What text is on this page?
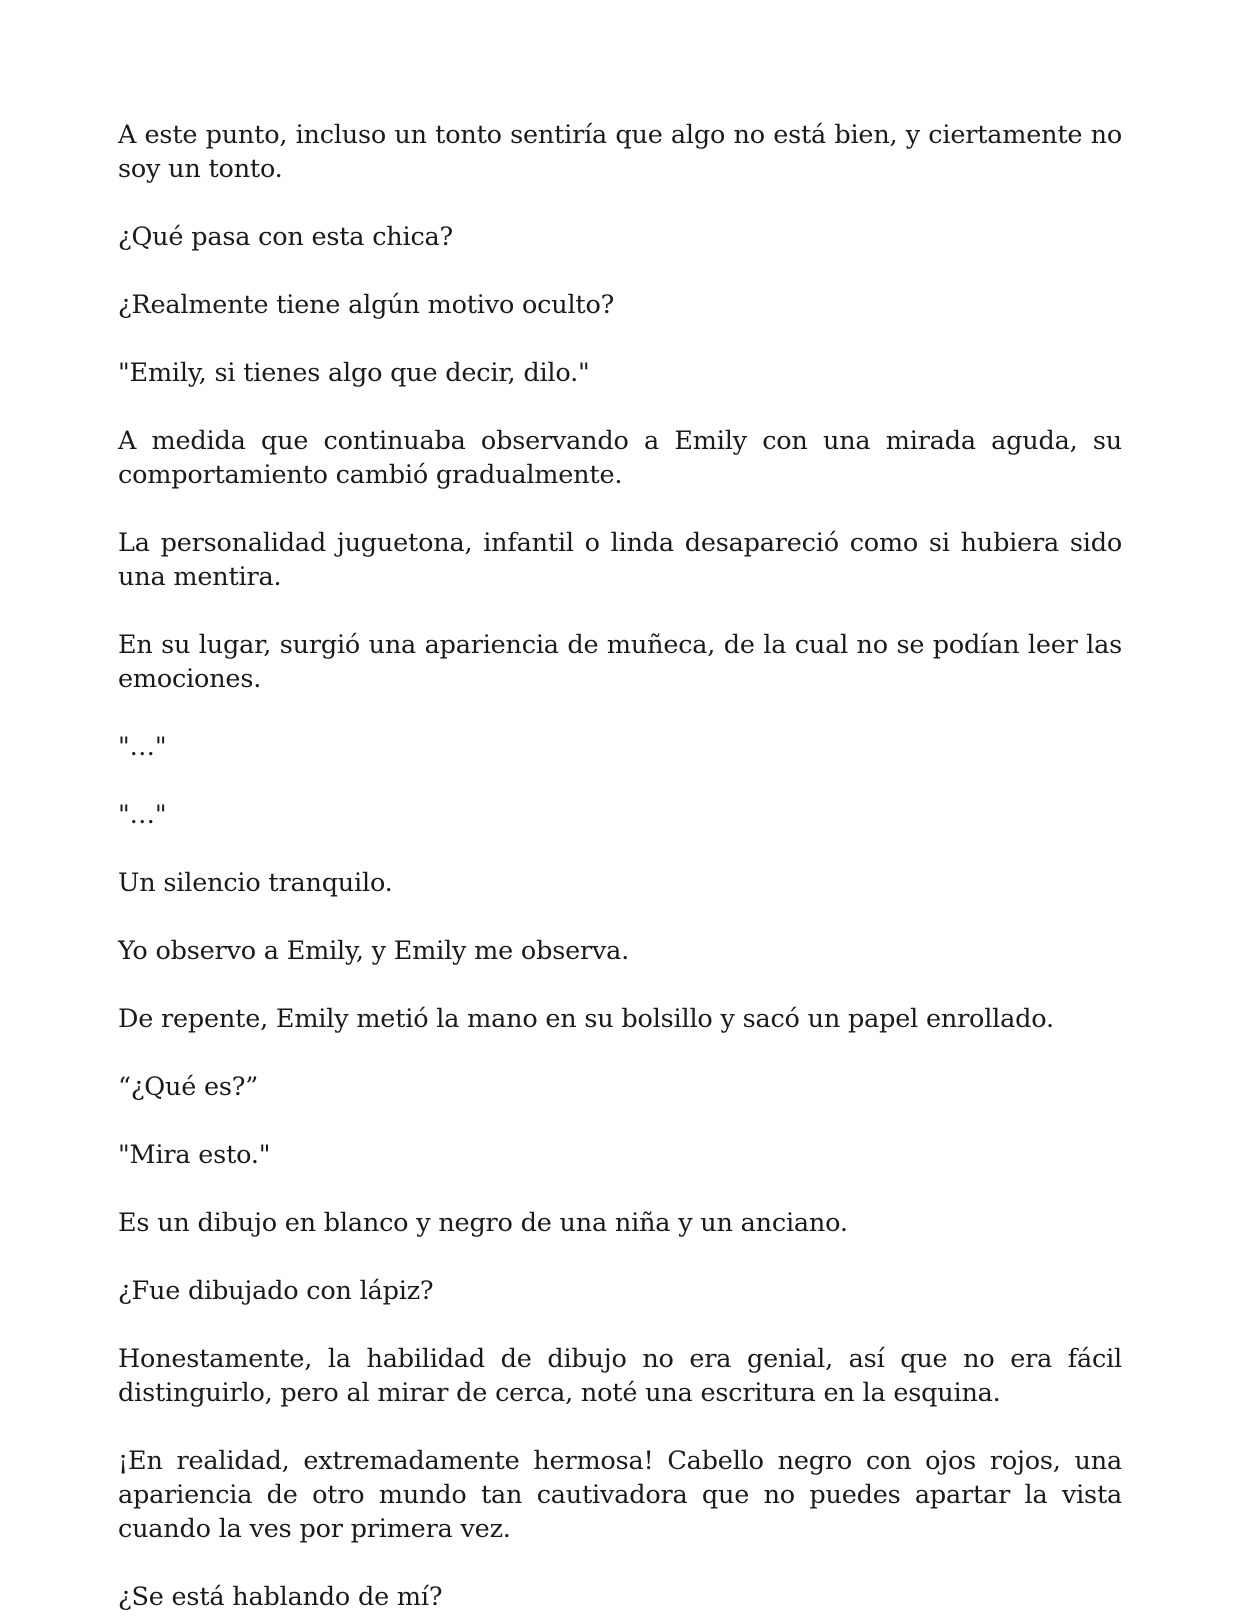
A este punto, incluso un tonto sentiría que algo no está bien, y ciertamente no soy un tonto.

¿Qué pasa con esta chica?

¿Realmente tiene algún motivo oculto?

"Emily, si tienes algo que decir, dilo."

A medida que continuaba observando a Emily con una mirada aguda, su comportamiento cambió gradualmente.

La personalidad juguetona, infantil o linda desapareció como si hubiera sido una mentira.

En su lugar, surgió una apariencia de muñeca, de la cual no se podían leer las emociones.

"…"

"…"

Un silencio tranquilo.

Yo observo a Emily, y Emily me observa.

De repente, Emily metió la mano en su bolsillo y sacó un papel enrollado.

“¿Qué es?”

"Mira esto."

Es un dibujo en blanco y negro de una niña y un anciano.

¿Fue dibujado con lápiz?

Honestamente, la habilidad de dibujo no era genial, así que no era fácil distinguirlo, pero al mirar de cerca, noté una escritura en la esquina.

¡En realidad, extremadamente hermosa! Cabello negro con ojos rojos, una apariencia de otro mundo tan cautivadora que no puedes apartar la vista cuando la ves por primera vez.

¿Se está hablando de mí?
